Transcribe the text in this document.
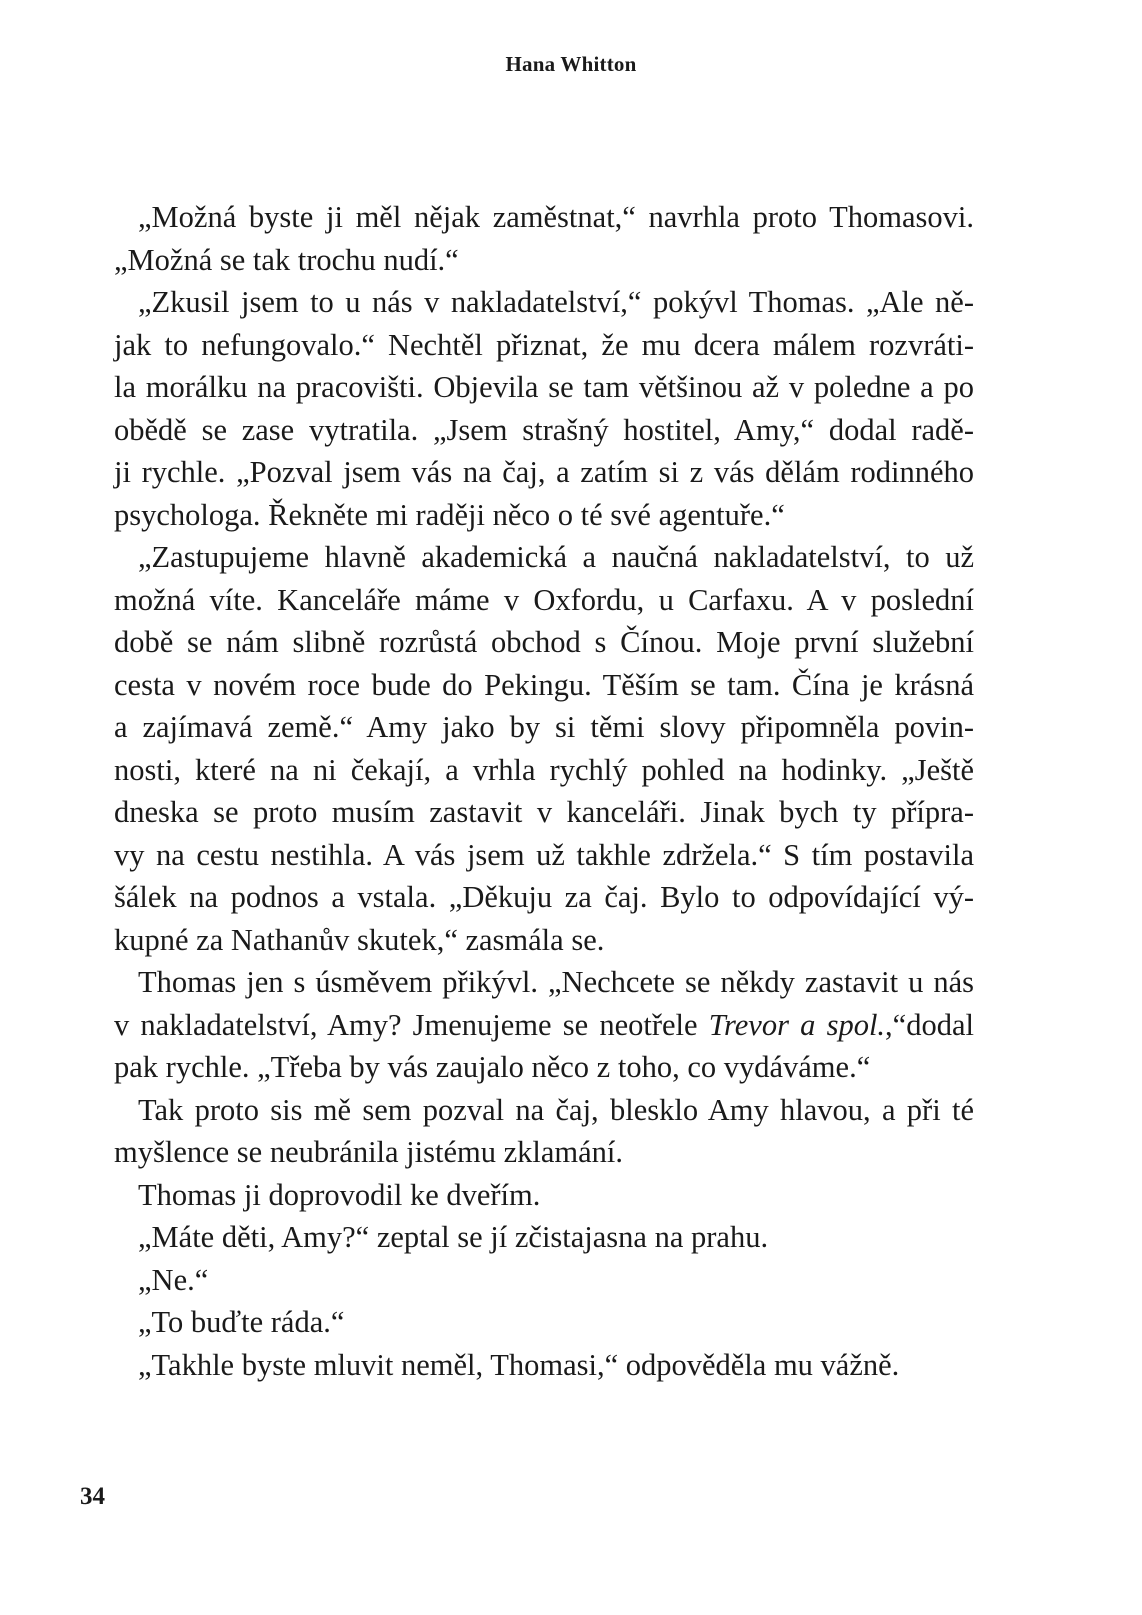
Hana Whitton
„Možná byste ji měl nějak zaměstnat,“ navrhla proto Thomasovi.
„Možná se tak trochu nudí.“
„Zkusil jsem to u nás v nakladatelství,“ pokývl Thomas. „Ale ně-
jak to nefungovalo.“ Nechtěl přiznat, že mu dcera málem rozvráti-
la morálku na pracovišti. Objevila se tam většinou až v poledne a po
obědě se zase vytratila. „Jsem strašný hostitel, Amy,“ dodal radě-
ji rychle. „Pozval jsem vás na čaj, a zatím si z vás dělám rodinného
psychologa. Řekněte mi raději něco o té své agentuře.“
„Zastupujeme hlavně akademická a naučná nakladatelství, to už
možná víte. Kanceláře máme v Oxfordu, u Carfaxu. A v poslední
době se nám slibně rozrůstá obchod s Čínou. Moje první služební
cesta v novém roce bude do Pekingu. Těším se tam. Čína je krásná
a zajímavá země.“ Amy jako by si těmi slovy připomněla povin-
nosti, které na ni čekají, a vrhla rychlý pohled na hodinky. „Ještě
dneska se proto musím zastavit v kanceláři. Jinak bych ty přípra-
vy na cestu nestihla. A vás jsem už takhle zdržela.“ S tím postavila
šálek na podnos a vstala. „Děkuju za čaj. Bylo to odpovídající vý-
kupné za Nathanův skutek,“ zasmála se.
Thomas jen s úsměvem přikývl. „Nechcete se někdy zastavit u nás
v nakladatelství, Amy? Jmenujeme se neotřele Trevor a spol.,“dodal
pak rychle. „Třeba by vás zaujalo něco z toho, co vydáváme.“
Tak proto sis mě sem pozval na čaj, blesklo Amy hlavou, a při té
myšlence se neubránila jistému zklamání.
Thomas ji doprovodil ke dveřím.
„Máte děti, Amy?“ zeptal se jí zčistajasna na prahu.
„Ne.“
„To buďte ráda.“
„Takhle byste mluvit neměl, Thomasi,“ odpověděla mu vážně.
34
